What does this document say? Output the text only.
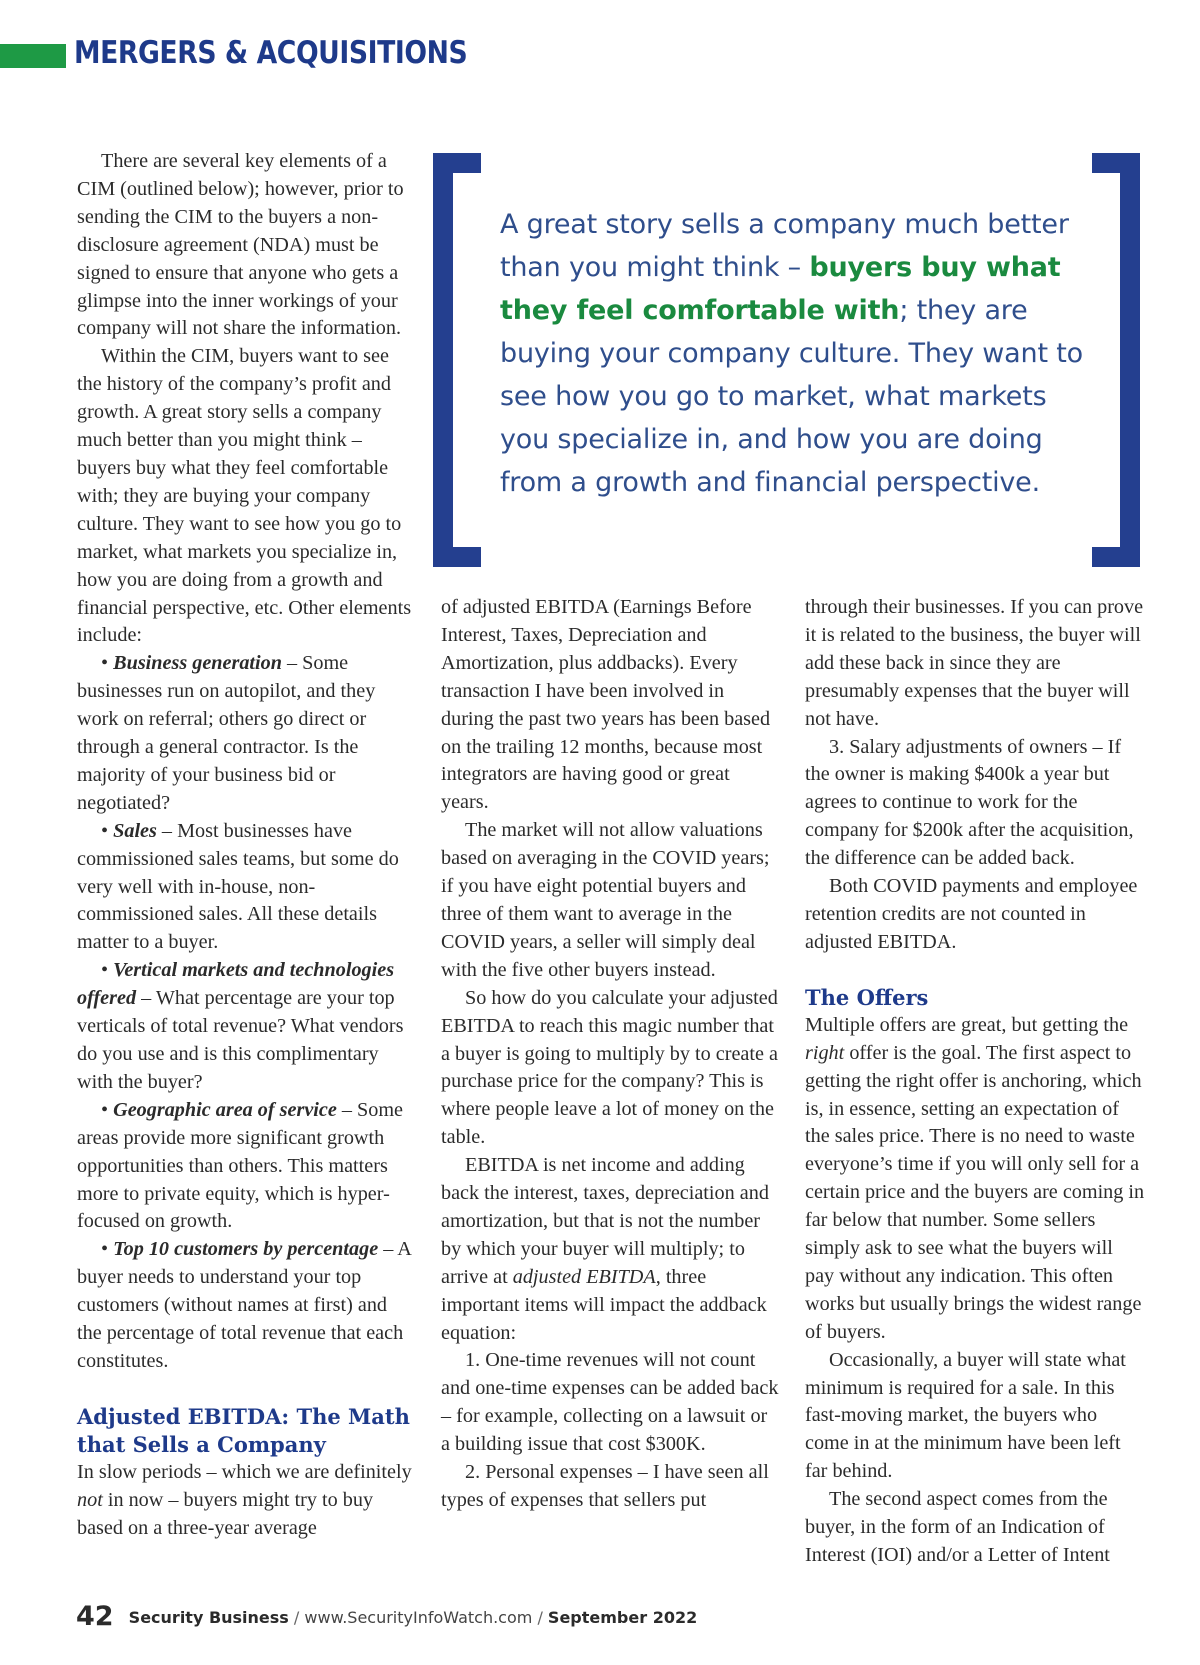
MERGERS & ACQUISITIONS

There are several key elements of a CIM (outlined below); however, prior to sending the CIM to the buyers a non-disclosure agreement (NDA) must be signed to ensure that anyone who gets a glimpse into the inner workings of your company will not share the information.

Within the CIM, buyers want to see the history of the company’s profit and growth. A great story sells a company much better than you might think – buyers buy what they feel comfortable with; they are buying your company culture. They want to see how you go to market, what markets you specialize in, how you are doing from a growth and financial perspective, etc. Other elements include:

• Business generation – Some businesses run on autopilot, and they work on referral; others go direct or through a general contractor. Is the majority of your business bid or negotiated?

• Sales – Most businesses have commissioned sales teams, but some do very well with in-house, non-commissioned sales. All these details matter to a buyer.

• Vertical markets and technologies offered – What percentage are your top verticals of total revenue? What vendors do you use and is this complimentary with the buyer?

• Geographic area of service – Some areas provide more significant growth opportunities than others. This matters more to private equity, which is hyper-focused on growth.

• Top 10 customers by percentage – A buyer needs to understand your top customers (without names at first) and the percentage of total revenue that each constitutes.

Adjusted EBITDA: The Math that Sells a Company

In slow periods – which we are definitely not in now – buyers might try to buy based on a three-year average

A great story sells a company much better than you might think – buyers buy what they feel comfortable with; they are buying your company culture. They want to see how you go to market, what markets you specialize in, and how you are doing from a growth and financial perspective.

of adjusted EBITDA (Earnings Before Interest, Taxes, Depreciation and Amortization, plus addbacks). Every transaction I have been involved in during the past two years has been based on the trailing 12 months, because most integrators are having good or great years.

The market will not allow valuations based on averaging in the COVID years; if you have eight potential buyers and three of them want to average in the COVID years, a seller will simply deal with the five other buyers instead.

So how do you calculate your adjusted EBITDA to reach this magic number that a buyer is going to multiply by to create a purchase price for the company? This is where people leave a lot of money on the table.

EBITDA is net income and adding back the interest, taxes, depreciation and amortization, but that is not the number by which your buyer will multiply; to arrive at adjusted EBITDA, three important items will impact the addback equation:

1. One-time revenues will not count and one-time expenses can be added back – for example, collecting on a lawsuit or a building issue that cost $300K.

2. Personal expenses – I have seen all types of expenses that sellers put

through their businesses. If you can prove it is related to the business, the buyer will add these back in since they are presumably expenses that the buyer will not have.

3. Salary adjustments of owners – If the owner is making $400k a year but agrees to continue to work for the company for $200k after the acquisition, the difference can be added back.

Both COVID payments and employee retention credits are not counted in adjusted EBITDA.

The Offers

Multiple offers are great, but getting the right offer is the goal. The first aspect to getting the right offer is anchoring, which is, in essence, setting an expectation of the sales price. There is no need to waste everyone’s time if you will only sell for a certain price and the buyers are coming in far below that number. Some sellers simply ask to see what the buyers will pay without any indication. This often works but usually brings the widest range of buyers.

Occasionally, a buyer will state what minimum is required for a sale. In this fast-moving market, the buyers who come in at the minimum have been left far behind.

The second aspect comes from the buyer, in the form of an Indication of Interest (IOI) and/or a Letter of Intent

42 Security Business / www.SecurityInfoWatch.com / September 2022
